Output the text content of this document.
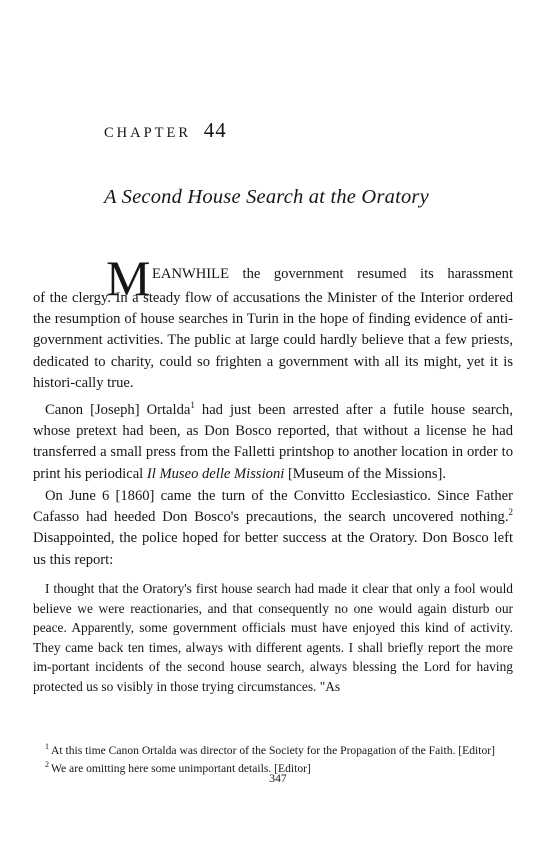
CHAPTER 44
A Second House Search at the Oratory
M EANWHILE the government resumed its harassment

of the clergy. In a steady flow of accusations the Minister of the Interior ordered the resumption of house searches in Turin in the hope of finding evidence of anti-government activities. The public at large could hardly believe that a few priests, dedicated to charity, could so frighten a government with all its might, yet it is histori-cally true.

Canon [Joseph] Ortalda$^1$ had just been arrested after a futile house search, whose pretext had been, as Don Bosco reported, that without a license he had transferred a small press from the Falletti printshop to another location in order to print his periodical Il Museo delle Missioni [Museum of the Missions].

On June 6 [1860] came the turn of the Convitto Ecclesiastico. Since Father Cafasso had heeded Don Bosco's precautions, the search uncovered nothing.$^2$ Disappointed, the police hoped for better success at the Oratory. Don Bosco left us this report:

I thought that the Oratory's first house search had made it clear that only a fool would believe we were reactionaries, and that consequently no one would again disturb our peace. Apparently, some government officials must have enjoyed this kind of activity. They came back ten times, always with different agents. I shall briefly report the more im-portant incidents of the second house search, always blessing the Lord for having protected us so visibly in those trying circumstances. "As

$^1$ At this time Canon Ortalda was director of the Society for the Propagation of the Faith. [Editor]

$^2$ We are omitting here some unimportant details. [Editor]

347
